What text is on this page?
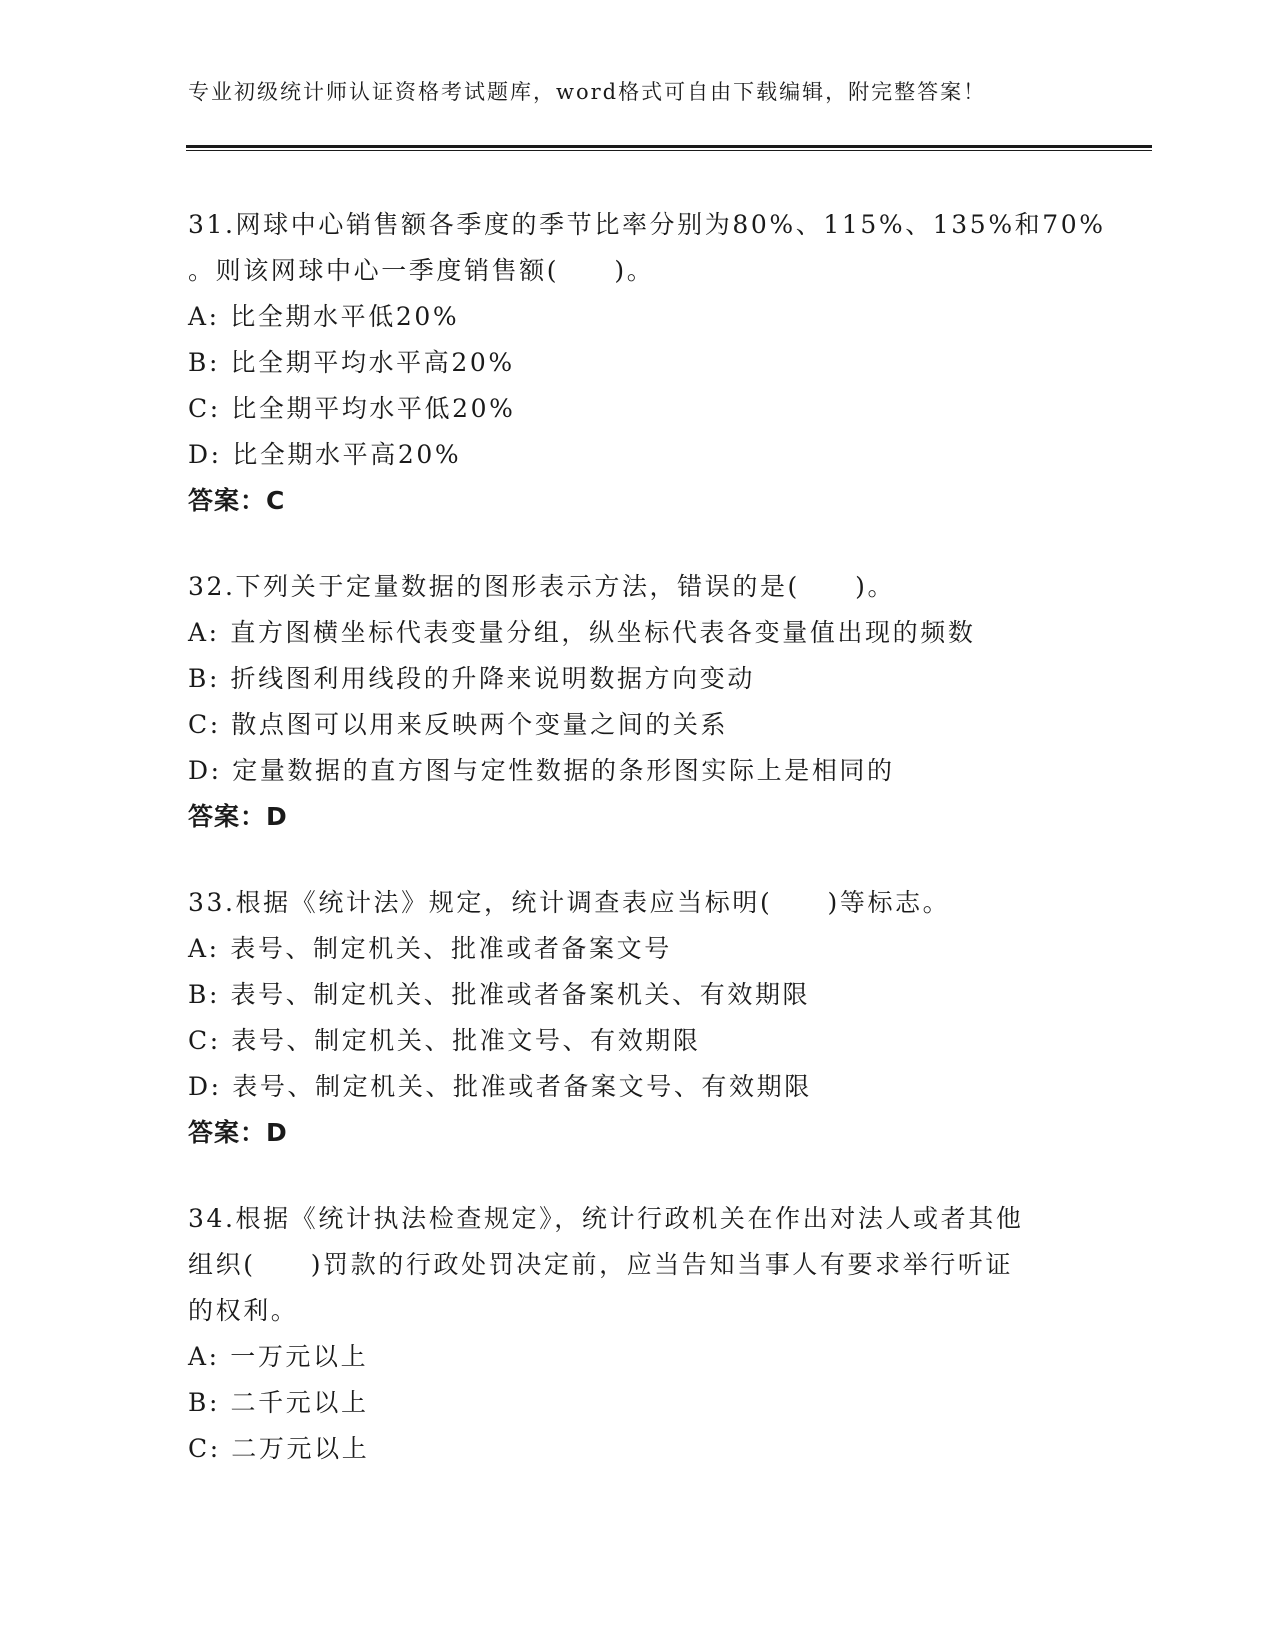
专业初级统计师认证资格考试题库，word格式可自由下载编辑，附完整答案！
31.网球中心销售额各季度的季节比率分别为80%、115%、135%和70%
。则该网球中心一季度销售额(　　)。
A: 比全期水平低20%
B: 比全期平均水平高20%
C: 比全期平均水平低20%
D: 比全期水平高20%
答案：C
32.下列关于定量数据的图形表示方法，错误的是(　　)。
A: 直方图横坐标代表变量分组，纵坐标代表各变量值出现的频数
B: 折线图利用线段的升降来说明数据方向变动
C: 散点图可以用来反映两个变量之间的关系
D: 定量数据的直方图与定性数据的条形图实际上是相同的
答案：D
33.根据《统计法》规定，统计调查表应当标明(　　)等标志。
A: 表号、制定机关、批准或者备案文号
B: 表号、制定机关、批准或者备案机关、有效期限
C: 表号、制定机关、批准文号、有效期限
D: 表号、制定机关、批准或者备案文号、有效期限
答案：D
34.根据《统计执法检查规定》，统计行政机关在作出对法人或者其他
组织(　　)罚款的行政处罚决定前，应当告知当事人有要求举行听证
的权利。
A: 一万元以上
B: 二千元以上
C: 二万元以上
